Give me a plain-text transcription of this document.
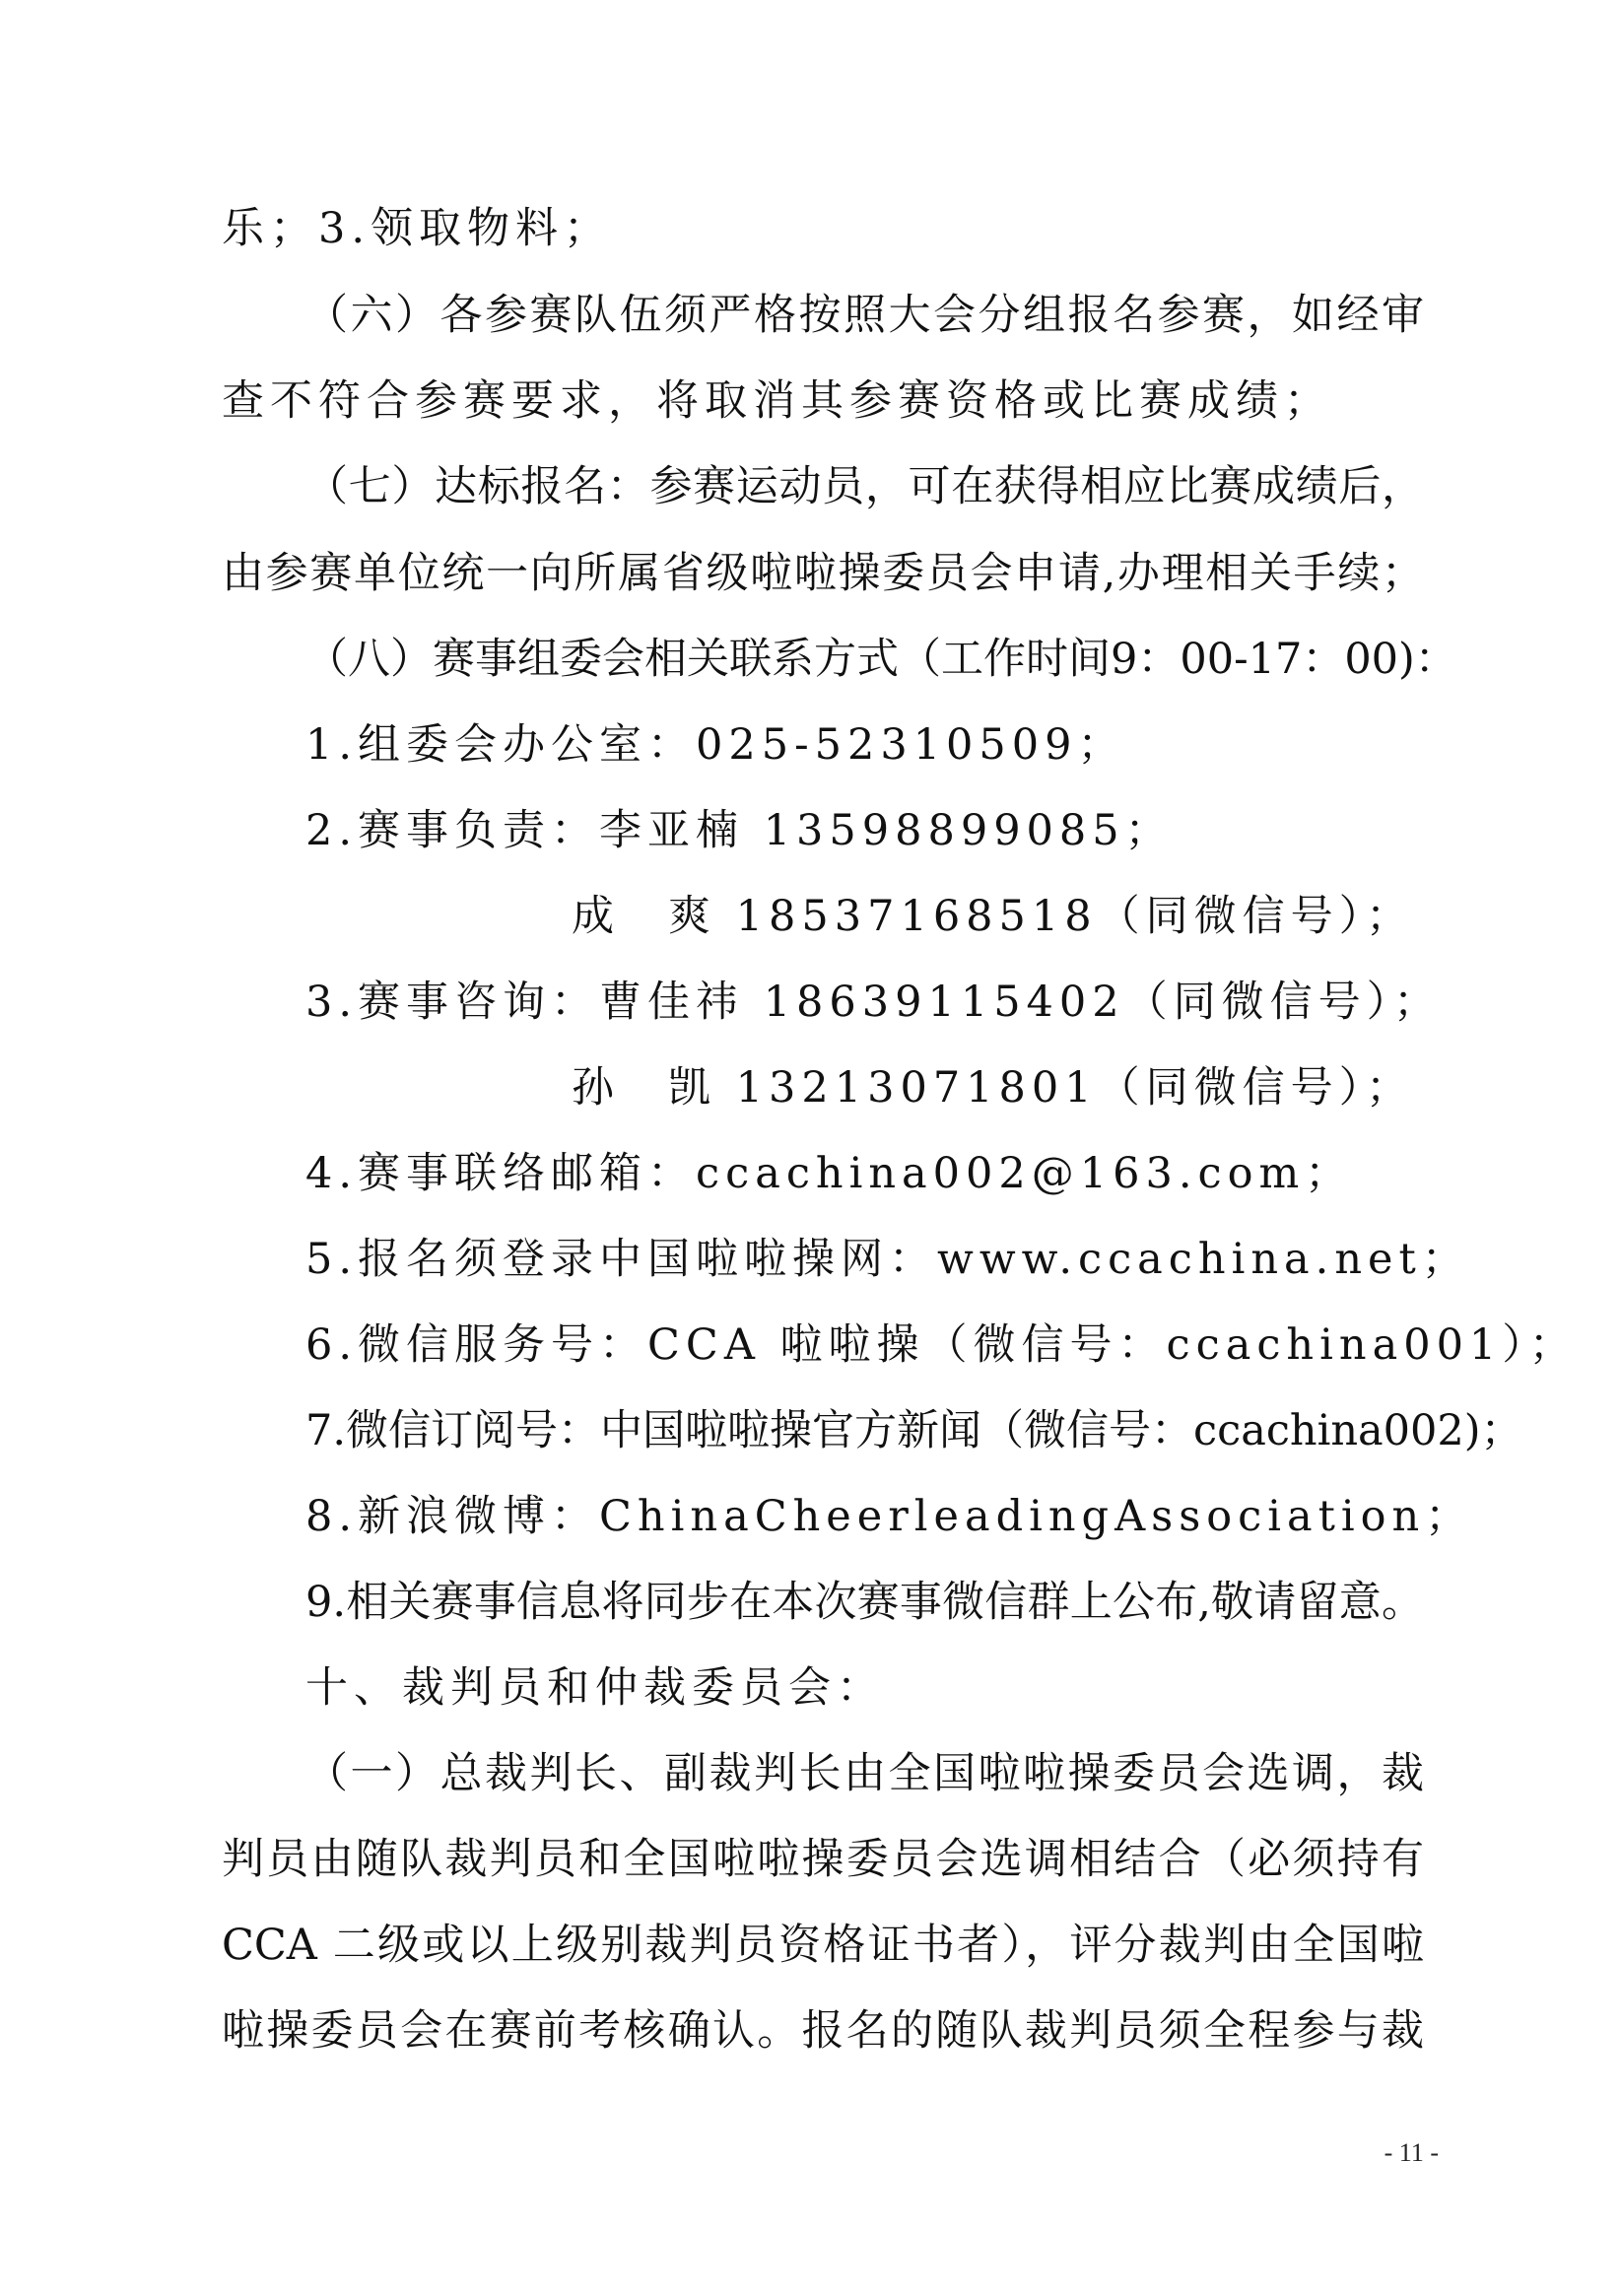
乐；3.领取物料；
（六）各参赛队伍须严格按照大会分组报名参赛，如经审
查不符合参赛要求，将取消其参赛资格或比赛成绩；
（七）达标报名：参赛运动员，可在获得相应比赛成绩后，
由参赛单位统一向所属省级啦啦操委员会申请,办理相关手续；
（八）赛事组委会相关联系方式（工作时间9：00-17：00)：
1.组委会办公室：025-52310509；
2.赛事负责：李亚楠 13598899085；
成　爽 18537168518（同微信号）；
3.赛事咨询：曹佳祎 18639115402（同微信号）；
孙　凯 13213071801（同微信号）；
4.赛事联络邮箱：ccachina002@163.com；
5.报名须登录中国啦啦操网：www.ccachina.net；
6.微信服务号：CCA 啦啦操（微信号：ccachina001）；
7.微信订阅号：中国啦啦操官方新闻（微信号：ccachina002)；
8.新浪微博：ChinaCheerleadingAssociation；
9.相关赛事信息将同步在本次赛事微信群上公布,敬请留意。
十、裁判员和仲裁委员会：
（一）总裁判长、副裁判长由全国啦啦操委员会选调，裁
判员由随队裁判员和全国啦啦操委员会选调相结合（必须持有
CCA 二级或以上级别裁判员资格证书者），评分裁判由全国啦
啦操委员会在赛前考核确认。报名的随队裁判员须全程参与裁
- 11 -
